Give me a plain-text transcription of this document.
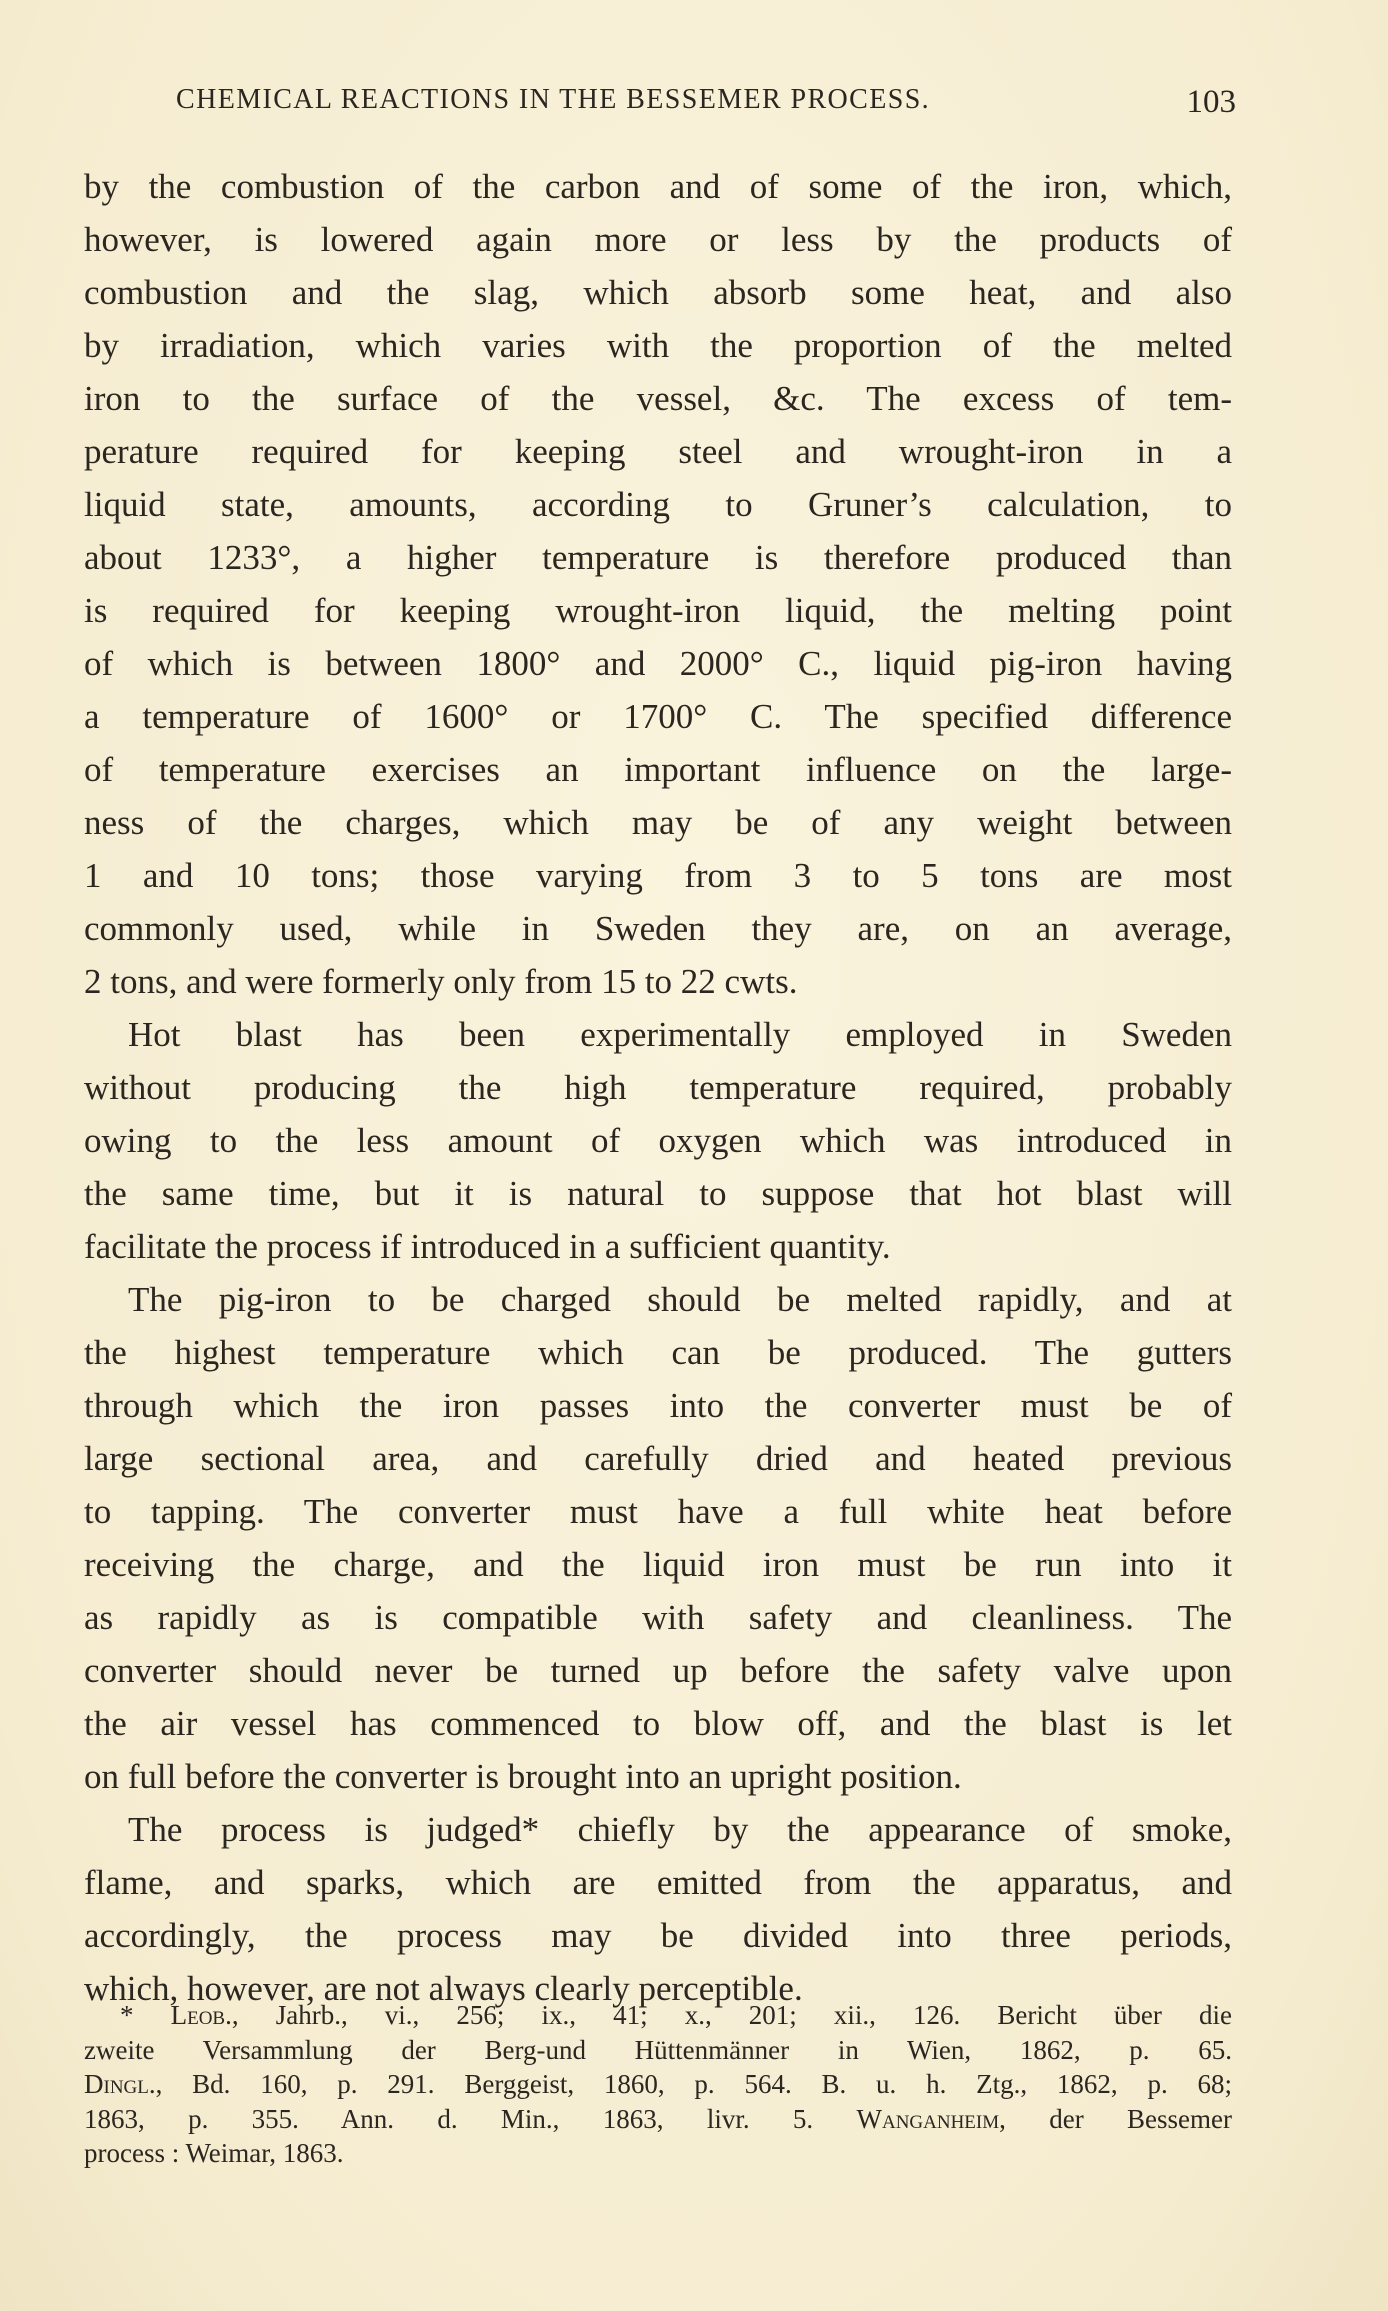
CHEMICAL REACTIONS IN THE BESSEMER PROCESS.	103
by the combustion of the carbon and of some of the iron, which,
however, is lowered again more or less by the products of
combustion and the slag, which absorb some heat, and also
by irradiation, which varies with the proportion of the melted
iron to the surface of the vessel, &c. The excess of tem-
perature required for keeping steel and wrought-iron in a
liquid state, amounts, according to Gruner’s calculation, to
about 1233°, a higher temperature is therefore produced than
is required for keeping wrought-iron liquid, the melting point
of which is between 1800° and 2000° C., liquid pig-iron having
a temperature of 1600° or 1700° C. The specified difference
of temperature exercises an important influence on the large-
ness of the charges, which may be of any weight between
1 and 10 tons; those varying from 3 to 5 tons are most
commonly used, while in Sweden they are, on an average,
2 tons, and were formerly only from 15 to 22 cwts.
Hot blast has been experimentally employed in Sweden
without producing the high temperature required, probably
owing to the less amount of oxygen which was introduced in
the same time, but it is natural to suppose that hot blast will
facilitate the process if introduced in a sufficient quantity.
The pig-iron to be charged should be melted rapidly, and at
the highest temperature which can be produced. The gutters
through which the iron passes into the converter must be of
large sectional area, and carefully dried and heated previous
to tapping. The converter must have a full white heat before
receiving the charge, and the liquid iron must be run into it
as rapidly as is compatible with safety and cleanliness. The
converter should never be turned up before the safety valve upon
the air vessel has commenced to blow off, and the blast is let
on full before the converter is brought into an upright position.
The process is judged* chiefly by the appearance of smoke,
flame, and sparks, which are emitted from the apparatus, and
accordingly, the process may be divided into three periods,
which, however, are not always clearly perceptible.
* Leob., Jahrb., vi., 256; ix., 41; x., 201; xii., 126. Bericht über die
zweite Versammlung der Berg-und Hüttenmänner in Wien, 1862, p. 65.
Dingl., Bd. 160, p. 291. Berggeist, 1860, p. 564. B. u. h. Ztg., 1862, p. 68;
1863, p. 355. Ann. d. Min., 1863, livr. 5. Wanganheim, der Bessemer
process : Weimar, 1863.
